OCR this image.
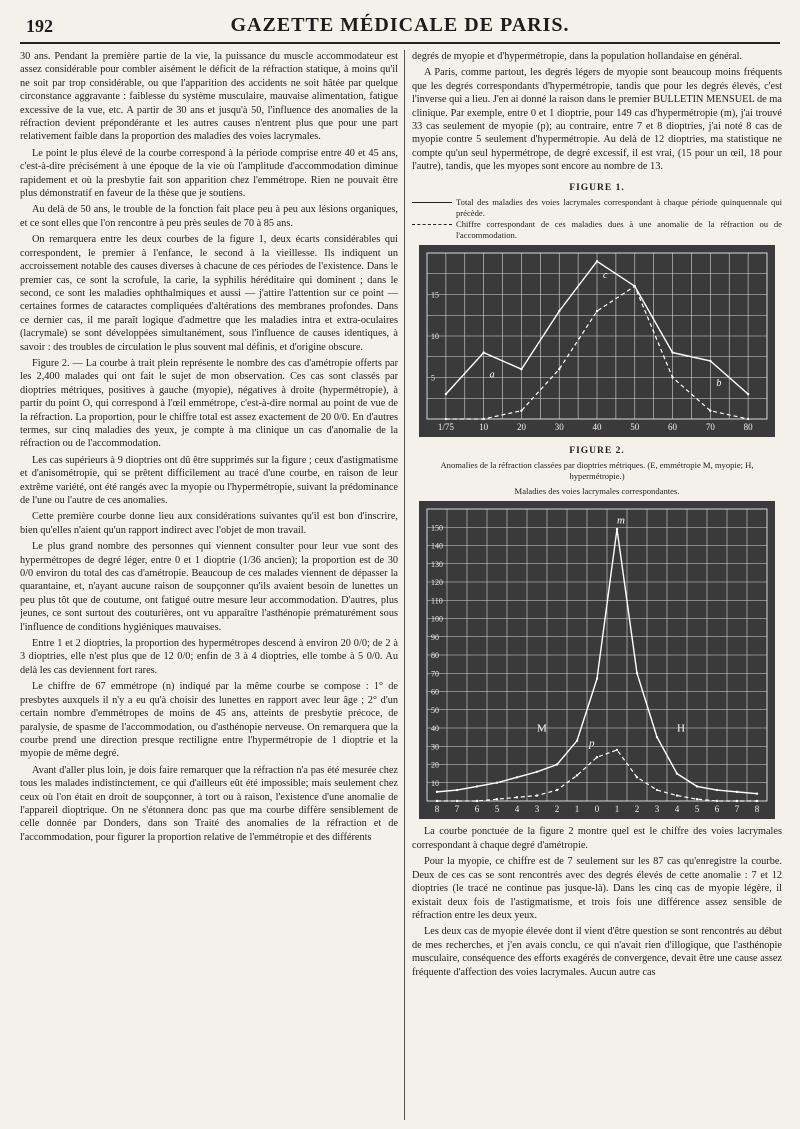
192	GAZETTE MÉDICALE DE PARIS.

30 ans. Pendant la première partie de la vie, la puissance du muscle accommodateur est assez considérable pour combler aisément le déficit de la réfraction statique, à moins qu'il ne soit par trop considérable, ou que l'apparition des accidents ne soit hâtée par quelque circonstance aggravante : faiblesse du système musculaire, mauvaise alimentation, fatigue excessive de la vue, etc. A partir de 30 ans et jusqu'à 50, l'influence des anomalies de la réfraction devient prépondérante et les autres causes n'entrent plus que pour une part relativement faible dans la proportion des maladies des voies lacrymales.

Le point le plus élevé de la courbe correspond à la période comprise entre 40 et 45 ans, c'est-à-dire précisément à une époque de la vie où l'amplitude d'accommodation diminue rapidement et où la presbytie fait son apparition chez l'emmétrope. Rien ne pouvait être plus démonstratif en faveur de la thèse que je soutiens.

Au delà de 50 ans, le trouble de la fonction fait place peu à peu aux lésions organiques, et ce sont elles que l'on rencontre à peu près seules de 70 à 85 ans.

On remarquera entre les deux courbes de la figure 1, deux écarts considérables qui correspondent, le premier à l'enfance, le second à la vieillesse. Ils indiquent un accroissement notable des causes diverses à chacune de ces périodes de l'existence. Dans le premier cas, ce sont la scrofule, la carie, la syphilis héréditaire qui dominent ; dans le second, ce sont les maladies ophthalmiques et aussi — j'attire l'attention sur ce point — certaines formes de cataractes compliquées d'altérations des membranes profondes. Dans ce dernier cas, il me paraît logique d'admettre que les maladies intra et extra-oculaires (lacrymale) se sont développées simultanément, sous l'influence de causes identiques, à savoir : des troubles de circulation le plus souvent mal définis, et d'origine obscure.

Figure 2. — La courbe à trait plein représente le nombre des cas d'amétropie offerts par les 2,400 malades qui ont fait le sujet de mon observation. Ces cas sont classés par dioptries métriques, positives à gauche (myopie), négatives à droite (hypermétropie), à partir du point O, qui correspond à l'œil emmétrope, c'est-à-dire normal au point de vue de la réfraction. La proportion, pour le chiffre total est assez exactement de 20 0/0. En d'autres termes, sur cinq maladies des yeux, je compte à ma clinique un cas d'anomalie de la réfraction ou de l'accommodation.

Les cas supérieurs à 9 dioptries ont dû être supprimés sur la figure ; ceux d'astigmatisme et d'anisométropie, qui se prêtent difficilement au tracé d'une courbe, en raison de leur extrême variété, ont été rangés avec la myopie ou l'hypermétropie, suivant la prédominance de l'une ou l'autre de ces anomalies.

Cette première courbe donne lieu aux considérations suivantes qu'il est bon d'inscrire, bien qu'elles n'aient qu'un rapport indirect avec l'objet de mon travail.

Le plus grand nombre des personnes qui viennent consulter pour leur vue sont des hypermétropes de degré léger, entre 0 et 1 dioptrie (1/36 ancien); la proportion est de 30 0/0 environ du total des cas d'amétropie. Beaucoup de ces malades viennent de dépasser la quarantaine, et, n'ayant aucune raison de soupçonner qu'ils avaient besoin de lunettes un peu plus tôt que de coutume, ont fatigué outre mesure leur accommodation. D'autres, plus jeunes, ce sont surtout des couturières, ont vu apparaître l'asthénopie prématurément sous l'influence de conditions hygiéniques mauvaises.

Entre 1 et 2 dioptries, la proportion des hypermétropes descend à environ 20 0/0; de 2 à 3 dioptries, elle n'est plus que de 12 0/0; enfin de 3 à 4 dioptries, elle tombe à 5 0/0. Au delà les cas deviennent fort rares.

Le chiffre de 67 emmétrope (n) indiqué par la même courbe se compose : 1° de presbytes auxquels il n'y a eu qu'à choisir des lunettes en rapport avec leur âge ; 2° d'un certain nombre d'emmétropes de moins de 45 ans, atteints de presbytie précoce, de paralysie, de spasme de l'accommodation, ou d'asthénopie nerveuse. On remarquera que la courbe prend une direction presque rectiligne entre l'hypermétropie de 1 dioptrie et la myopie de même degré.

Avant d'aller plus loin, je dois faire remarquer que la réfraction n'a pas été mesurée chez tous les malades indistinctement, ce qui d'ailleurs eût été impossible; mais seulement chez ceux où l'on était en droit de soupçonner, à tort ou à raison, l'existence d'une anomalie de l'appareil dioptrique. On ne s'étonnera donc pas que ma courbe diffère sensiblement de celle donnée par Donders, dans son Traité des anomalies de la réfraction et de l'accommodation, pour figurer la proportion relative de l'emmétropie et des différents

degrés de myopie et d'hypermétropie, dans la population hollandaise en général.

A Paris, comme partout, les degrés légers de myopie sont beaucoup moins fréquents que les degrés correspondants d'hypermétropie, tandis que pour les degrés élevés, c'est l'inverse qui a lieu. J'en ai donné la raison dans le premier BULLETIN MENSUEL de ma clinique. Par exemple, entre 0 et 1 dioptrie, pour 149 cas d'hypermétropie (m), j'ai trouvé 33 cas seulement de myopie (p); au contraire, entre 7 et 8 dioptries, j'ai noté 8 cas de myopie contre 5 seulement d'hypermétropie. Au delà de 12 dioptries, ma statistique ne compte qu'un seul hypermétrope, de degré excessif, il est vrai, (15 pour un œil, 18 pour l'autre), tandis, que les myopes sont encore au nombre de 13.

FIGURE 1.
Total des maladies des voies lacrymales correspondant à chaque période quinquennale qui précède.
Chiffre correspondant de ces maladies dues à une anomalie de la réfraction ou de l'accommodation.
1/75	10	20	30	40	50	60	70	80
5
10
15
a
c
b
FIGURE 2.
Anomalies de la réfraction classées par dioptries métriques. (E, emmétropie M, myopie; H, hypermétropie.)
Maladies des voies lacrymales correspondantes.
8 7 6 5 4 3 2 1 0 1 2 3 4 5 6 7 8
10
20
30
40
50
60
70
80
90
100
110
120
130
140
150
M	H
m
p

La courbe ponctuée de la figure 2 montre quel est le chiffre des voies lacrymales correspondant à chaque degré d'amétropie.

Pour la myopie, ce chiffre est de 7 seulement sur les 87 cas qu'enregistre la courbe. Deux de ces cas se sont rencontrés avec des degrés élevés de cette anomalie : 7 et 12 dioptries (le tracé ne continue pas jusque-là). Dans les cinq cas de myopie légère, il existait deux fois de l'astigmatisme, et trois fois une différence assez sensible de réfraction entre les deux yeux.

Les deux cas de myopie élevée dont il vient d'être question se sont rencontrés au début de mes recherches, et j'en avais conclu, ce qui n'avait rien d'illogique, que l'asthénopie musculaire, conséquence des efforts exagérés de convergence, devait être une cause assez fréquente d'affection des voies lacrymales. Aucun autre cas
